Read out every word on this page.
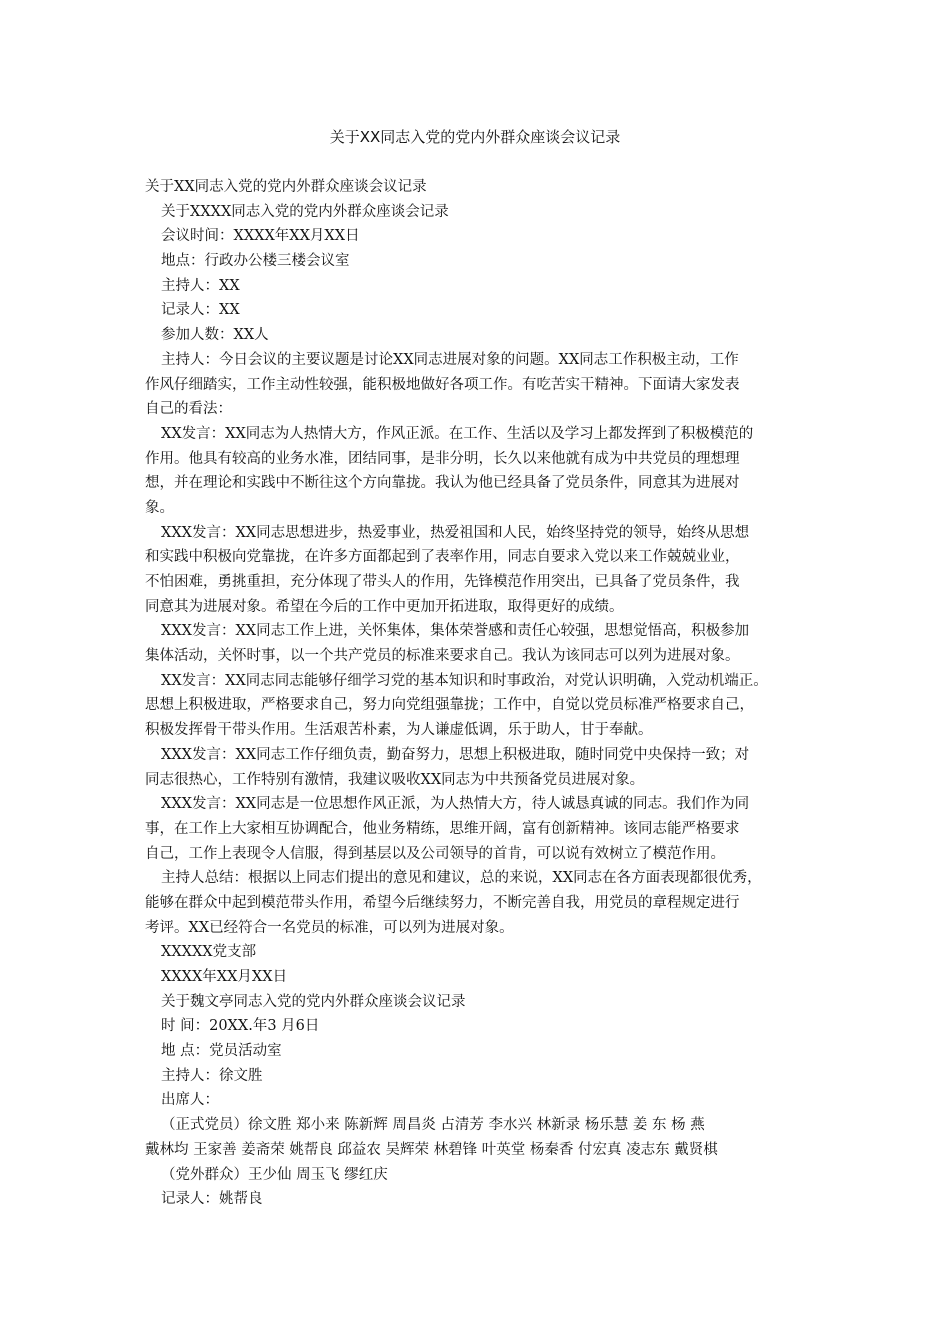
关于XX同志入党的党内外群众座谈会议记录
关于XX同志入党的党内外群众座谈会议记录
关于XXXX同志入党的党内外群众座谈会记录
会议时间：XXXX年XX月XX日
地点：行政办公楼三楼会议室
主持人：XX
记录人：XX
参加人数：XX人
主持人：今日会议的主要议题是讨论XX同志进展对象的问题。XX同志工作积极主动，工作
作风仔细踏实，工作主动性较强，能积极地做好各项工作。有吃苦实干精神。下面请大家发表
自己的看法：
XX发言：XX同志为人热情大方，作风正派。在工作、生活以及学习上都发挥到了积极模范的
作用。他具有较高的业务水准，团结同事，是非分明，长久以来他就有成为中共党员的理想理
想，并在理论和实践中不断往这个方向靠拢。我认为他已经具备了党员条件，同意其为进展对
象。
XXX发言：XX同志思想进步，热爱事业，热爱祖国和人民，始终坚持党的领导，始终从思想
和实践中积极向党靠拢，在许多方面都起到了表率作用，同志自要求入党以来工作兢兢业业，
不怕困难，勇挑重担，充分体现了带头人的作用，先锋模范作用突出，已具备了党员条件，我
同意其为进展对象。希望在今后的工作中更加开拓进取，取得更好的成绩。
XXX发言：XX同志工作上进，关怀集体，集体荣誉感和责任心较强，思想觉悟高，积极参加
集体活动，关怀时事，以一个共产党员的标准来要求自己。我认为该同志可以列为进展对象。
XX发言：XX同志同志能够仔细学习党的基本知识和时事政治，对党认识明确，入党动机端正。
思想上积极进取，严格要求自己，努力向党组强靠拢；工作中，自觉以党员标准严格要求自己，
积极发挥骨干带头作用。生活艰苦朴素，为人谦虚低调，乐于助人，甘于奉献。
XXX发言：XX同志工作仔细负责，勤奋努力，思想上积极进取，随时同党中央保持一致；对
同志很热心，工作特别有激情，我建议吸收XX同志为中共预备党员进展对象。
XXX发言：XX同志是一位思想作风正派，为人热情大方，待人诚恳真诚的同志。我们作为同
事，在工作上大家相互协调配合，他业务精练，思维开阔，富有创新精神。该同志能严格要求
自己，工作上表现令人信服，得到基层以及公司领导的首肯，可以说有效树立了模范作用。
主持人总结：根据以上同志们提出的意见和建议，总的来说，XX同志在各方面表现都很优秀，
能够在群众中起到模范带头作用，希望今后继续努力，不断完善自我，用党员的章程规定进行
考评。XX已经符合一名党员的标准，可以列为进展对象。
XXXXX党支部
XXXX年XX月XX日
关于魏文亭同志入党的党内外群众座谈会议记录
时 间：20XX.年3 月6日
地 点：党员活动室
主持人：徐文胜
出席人：
（正式党员）徐文胜 郑小来 陈新辉 周昌炎 占清芳 李水兴 林新录 杨乐慧 姜 东 杨 燕
戴林均 王家善 姜斋荣 姚帮良 邱益农 吴辉荣 林碧锋 叶英堂 杨秦香 付宏真 凌志东 戴贤棋
（党外群众）王少仙 周玉飞 缪红庆
记录人：姚帮良
